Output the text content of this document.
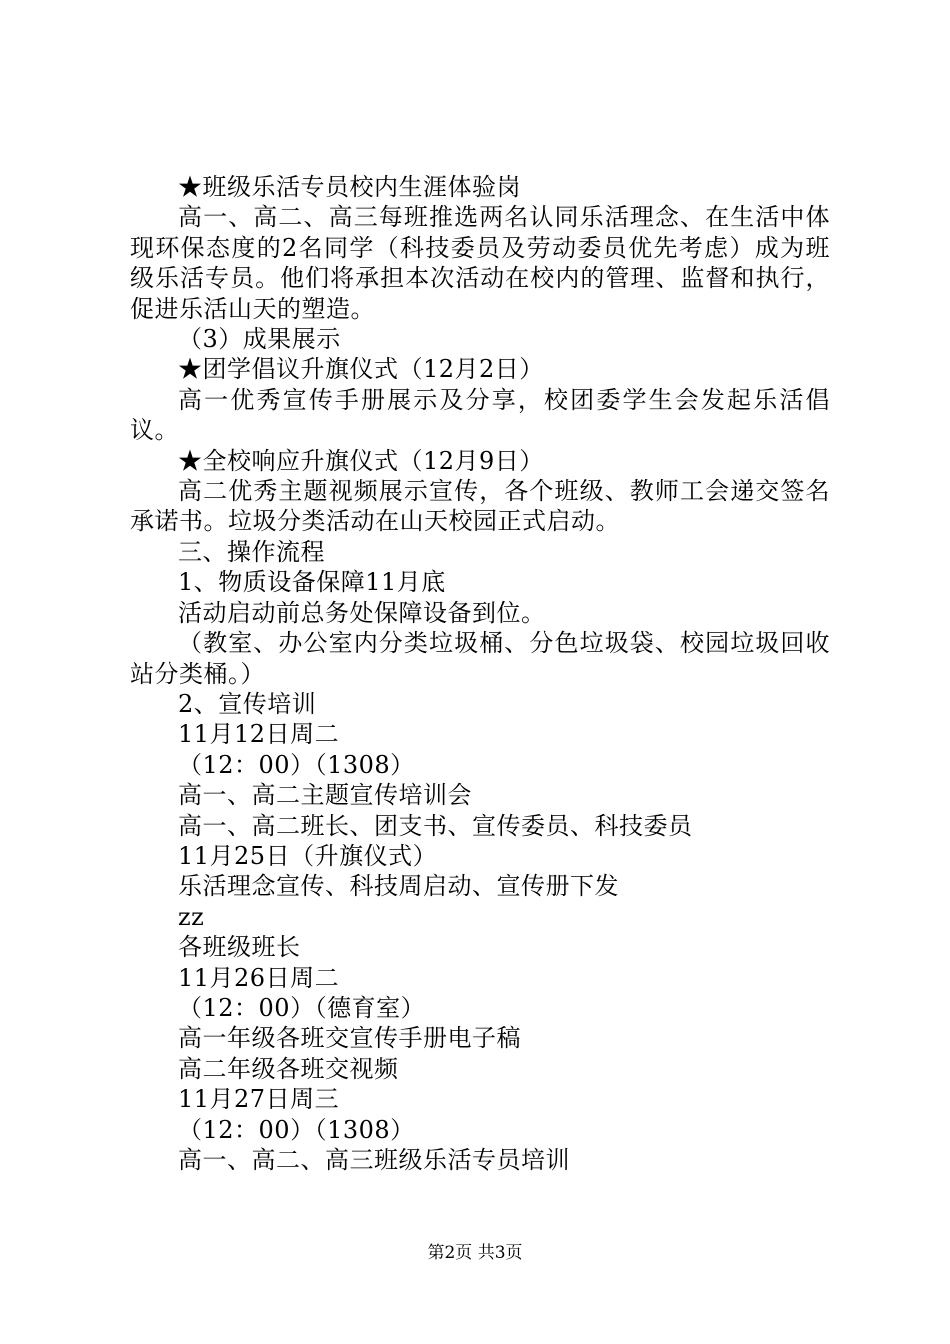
★班级乐活专员校内生涯体验岗

高一、高二、高三每班推选两名认同乐活理念、在生活中体现环保态度的2名同学（科技委员及劳动委员优先考虑）成为班级乐活专员。他们将承担本次活动在校内的管理、监督和执行，促进乐活山天的塑造。

（3）成果展示

★团学倡议升旗仪式（12月2日）

高一优秀宣传手册展示及分享，校团委学生会发起乐活倡议。

★全校响应升旗仪式（12月9日）

高二优秀主题视频展示宣传，各个班级、教师工会递交签名承诺书。垃圾分类活动在山天校园正式启动。

三、操作流程

1、物质设备保障11月底

活动启动前总务处保障设备到位。

（教室、办公室内分类垃圾桶、分色垃圾袋、校园垃圾回收站分类桶。）

2、宣传培训

11月12日周二

（12：00）（1308）

高一、高二主题宣传培训会

高一、高二班长、团支书、宣传委员、科技委员

11月25日（升旗仪式）

乐活理念宣传、科技周启动、宣传册下发

zz

各班级班长

11月26日周二

（12：00）（德育室）

高一年级各班交宣传手册电子稿

高二年级各班交视频

11月27日周三

（12：00）（1308）

高一、高二、高三班级乐活专员培训

第2页 共3页
